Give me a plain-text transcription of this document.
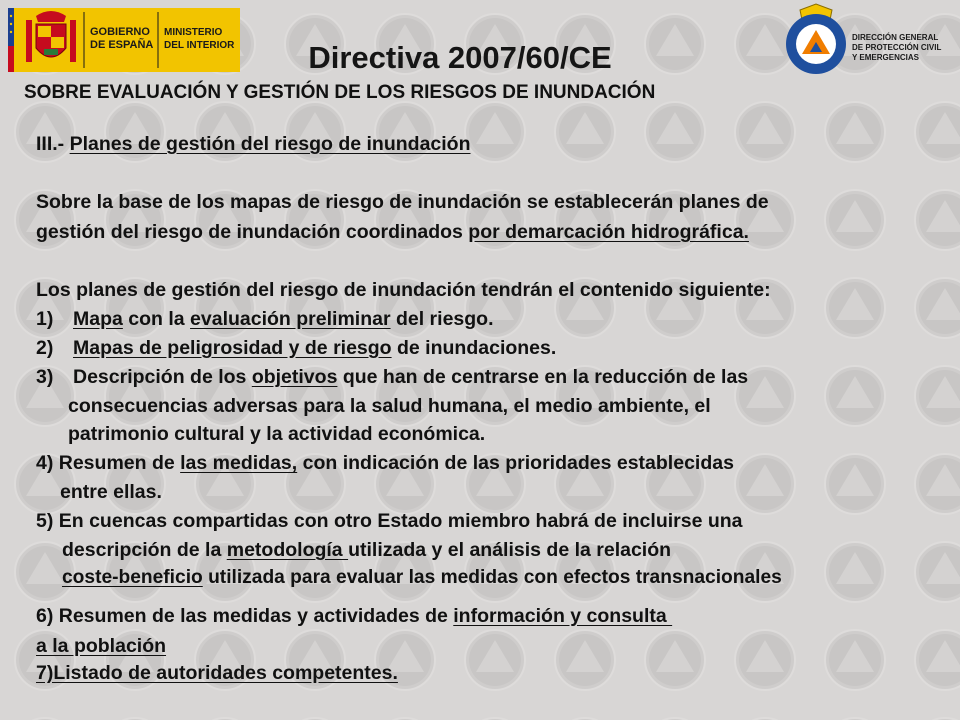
GOBIERNO
DE ESPAÑA
MINISTERIO
DEL INTERIOR
DIRECCIÓN GENERAL
DE PROTECCIÓN CIVIL
Y EMERGENCIAS
Directiva 2007/60/CE
SOBRE EVALUACIÓN Y GESTIÓN DE LOS RIESGOS DE INUNDACIÓN
III.- Planes de gestión del riesgo de inundación
Sobre la base de los mapas de riesgo de inundación se establecerán planes de
gestión del riesgo de inundación coordinados por demarcación hidrográfica.
Los planes de gestión del riesgo de inundación tendrán el contenido siguiente:
1) Mapa con la evaluación preliminar del riesgo.
2) Mapas de peligrosidad y de riesgo de inundaciones.
3) Descripción de los objetivos que han de centrarse en la reducción de las
consecuencias adversas para la salud humana, el medio ambiente, el
patrimonio cultural y la actividad económica.
4) Resumen de las medidas, con indicación de las prioridades establecidas
entre ellas.
5) En cuencas compartidas con otro Estado miembro habrá de incluirse una
descripción de la metodología utilizada y el análisis de la relación
coste-beneficio utilizada para evaluar las medidas con efectos transnacionales
6) Resumen de las medidas y actividades de información y consulta
a la población
7)Listado de autoridades competentes.
